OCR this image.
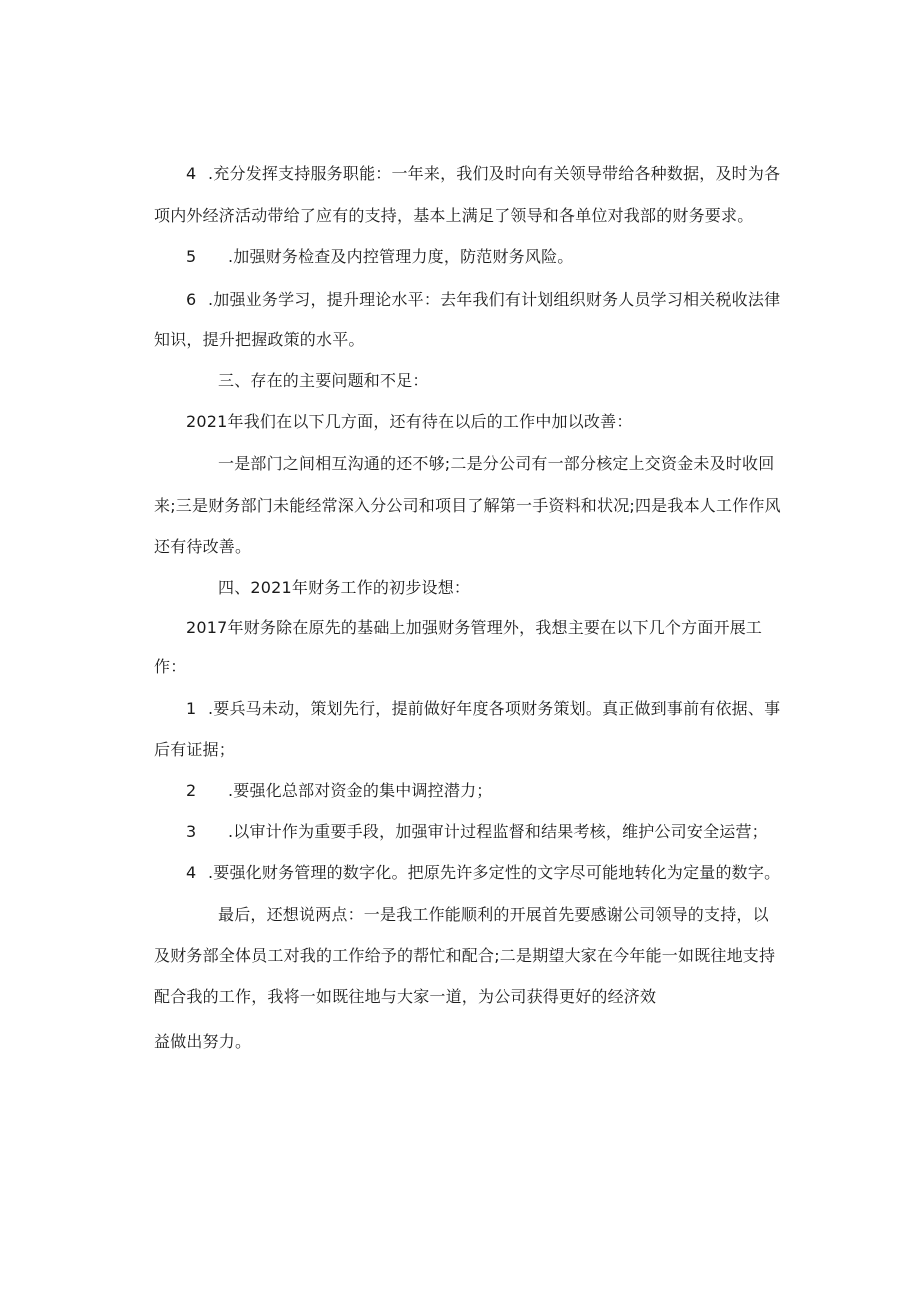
4 .充分发挥支持服务职能：一年来，我们及时向有关领导带给各种数据，及时为各
项内外经济活动带给了应有的支持，基本上满足了领导和各单位对我部的财务要求。
5 .加强财务检查及内控管理力度，防范财务风险。
6 .加强业务学习，提升理论水平：去年我们有计划组织财务人员学习相关税收法律
知识，提升把握政策的水平。
三、存在的主要问题和不足：
2021年我们在以下几方面，还有待在以后的工作中加以改善：
一是部门之间相互沟通的还不够;二是分公司有一部分核定上交资金未及时收回
来;三是财务部门未能经常深入分公司和项目了解第一手资料和状况;四是我本人工作作风
还有待改善。
四、2021年财务工作的初步设想：
2017年财务除在原先的基础上加强财务管理外，我想主要在以下几个方面开展工
作：
1 .要兵马未动，策划先行，提前做好年度各项财务策划。真正做到事前有依据、事
后有证据；
2 .要强化总部对资金的集中调控潜力；
3 .以审计作为重要手段，加强审计过程监督和结果考核，维护公司安全运营；
4 .要强化财务管理的数字化。把原先许多定性的文字尽可能地转化为定量的数字。
最后，还想说两点：一是我工作能顺利的开展首先要感谢公司领导的支持，以
及财务部全体员工对我的工作给予的帮忙和配合;二是期望大家在今年能一如既往地支持
配合我的工作，我将一如既往地与大家一道，为公司获得更好的经济效
益做出努力。
